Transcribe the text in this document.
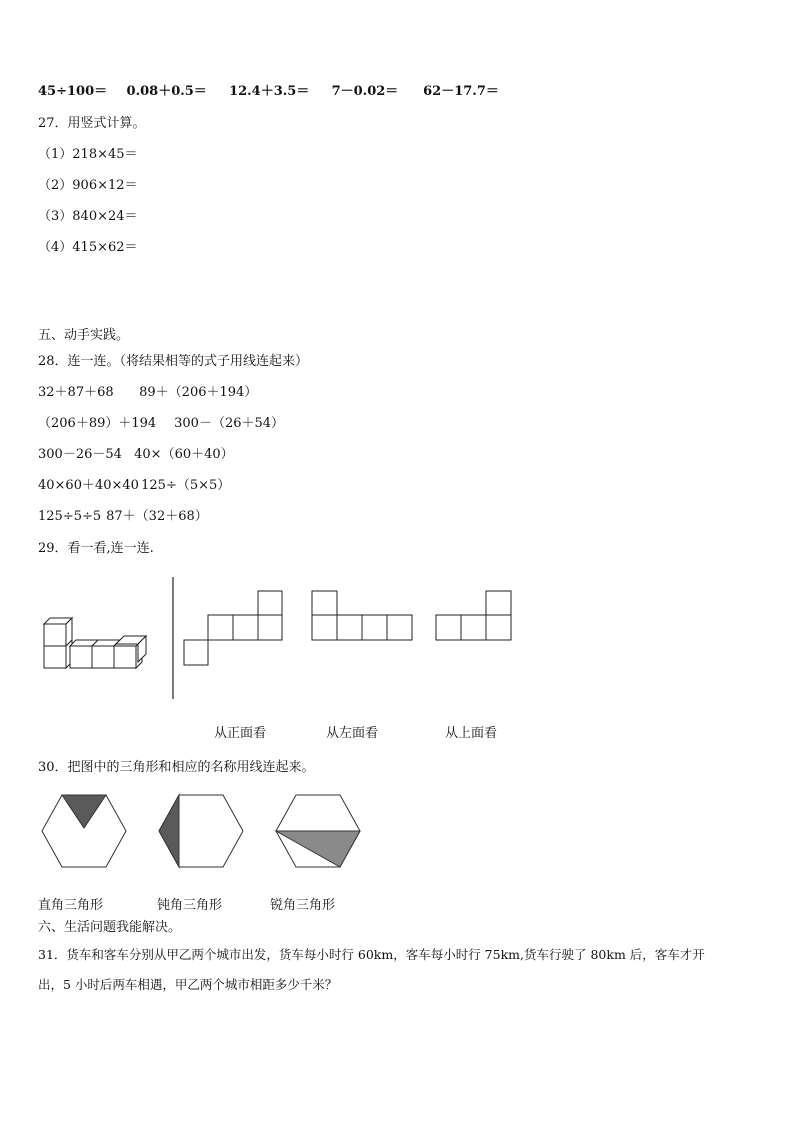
45÷100＝ 0.08＋0.5＝ 12.4＋3.5＝ 7－0.02＝ 62－17.7＝
27．用竖式计算。
（1）218×45＝
（2）906×12＝
（3）840×24＝
（4）415×62＝
五、动手实践。
28．连一连。（将结果相等的式子用线连起来）
32＋87＋68 89＋（206＋194）
（206＋89）＋194 300－（26＋54）
300－26－54 40×（60＋40）
40×60＋40×40 125÷（5×5）
125÷5÷5 87＋（32＋68）
29．看一看,连一连.
从正面看	从左面看	从上面看
30．把图中的三角形和相应的名称用线连起来。
直角三角形	钝角三角形	锐角三角形
六、生活问题我能解决。
31．货车和客车分别从甲乙两个城市出发，货车每小时行 60km，客车每小时行 75km,货车行驶了 80km 后，客车才开
出，5 小时后两车相遇，甲乙两个城市相距多少千米？
